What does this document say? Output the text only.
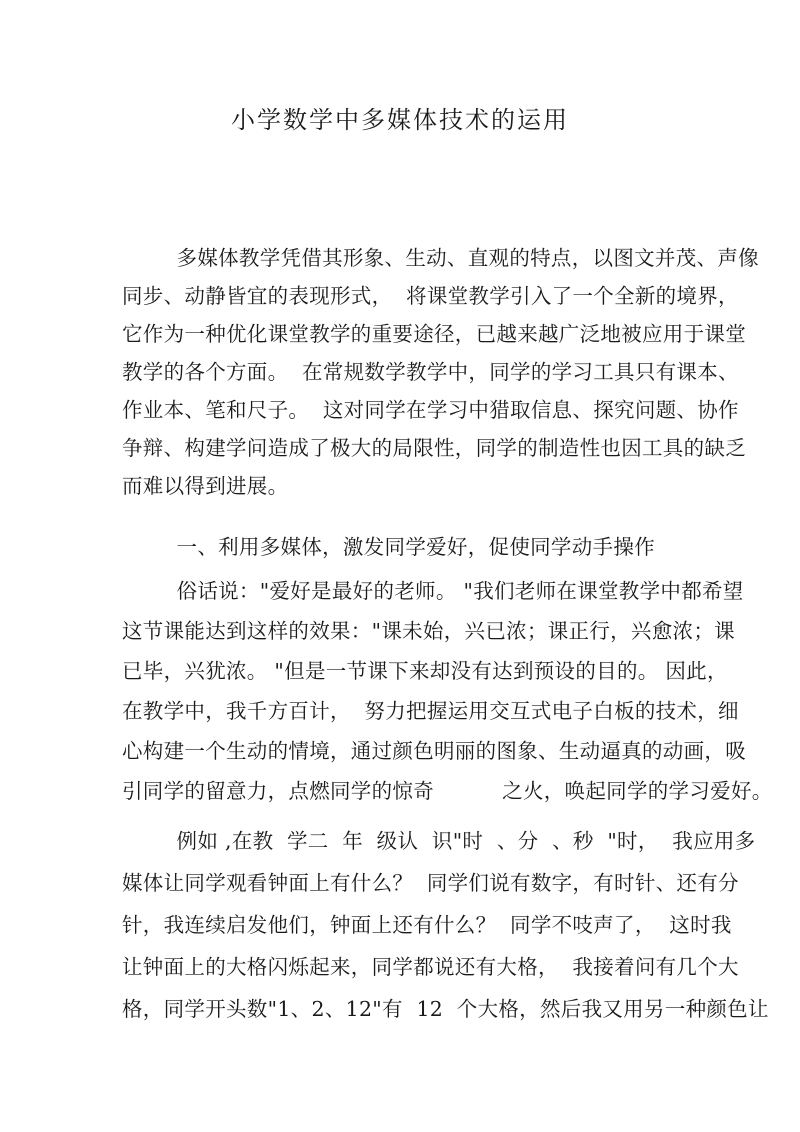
小学数学中多媒体技术的运用
多媒体教学凭借其形象、生动、直观的特点，以图文并茂、声像
同步、动静皆宜的表现形式，  将课堂教学引入了一个全新的境界，
它作为一种优化课堂教学的重要途径，已越来越广泛地被应用于课堂
教学的各个方面。  在常规数学教学中，同学的学习工具只有课本、
作业本、笔和尺子。  这对同学在学习中猎取信息、探究问题、协作
争辩、构建学问造成了极大的局限性，同学的制造性也因工具的缺乏
而难以得到进展。
一、利用多媒体，激发同学爱好，促使同学动手操作
俗话说："爱好是最好的老师。 "我们老师在课堂教学中都希望
这节课能达到这样的效果："课未始，兴已浓；课正行，兴愈浓；课
已毕，兴犹浓。 "但是一节课下来却没有达到预设的目的。 因此，
在教学中，我千方百计，  努力把握运用交互式电子白板的技术，细
心构建一个生动的情境，通过颜色明丽的图象、生动逼真的动画，吸
引同学的留意力，点燃同学的惊奇          之火，唤起同学的学习爱好。
例如 ,在教  学二  年  级认  识"时  、分  、秒  "时，  我应用多
媒体让同学观看钟面上有什么？  同学们说有数字，有时针、还有分
针，我连续启发他们，钟面上还有什么？  同学不吱声了，  这时我
让钟面上的大格闪烁起来，同学都说还有大格，  我接着问有几个大
格，同学开头数"1、2、12"有  12  个大格，然后我又用另一种颜色让
